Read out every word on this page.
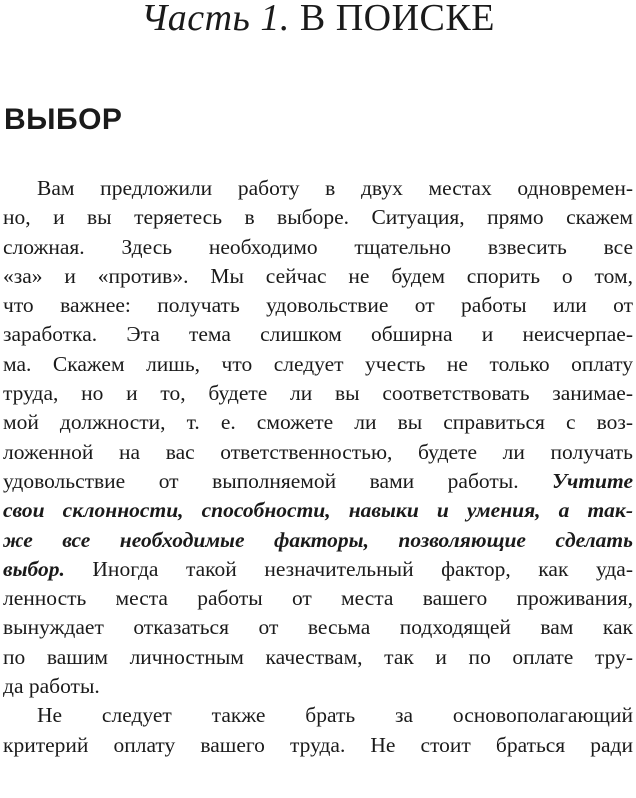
Часть 1. В ПОИСКЕ
ВЫБОР
Вам предложили работу в двух местах одновремен-
но, и вы теряетесь в выборе. Ситуация, прямо скажем
сложная. Здесь необходимо тщательно взвесить все
«за» и «против». Мы сейчас не будем спорить о том,
что важнее: получать удовольствие от работы или от
заработка. Эта тема слишком обширна и неисчерпае-
ма. Скажем лишь, что следует учесть не только оплату
труда, но и то, будете ли вы соответствовать занимае-
мой должности, т. е. сможете ли вы справиться с воз-
ложенной на вас ответственностью, будете ли получать
удовольствие от выполняемой вами работы. Учтите
свои склонности, способности, навыки и умения, а так-
же все необходимые факторы, позволяющие сделать
выбор. Иногда такой незначительный фактор, как уда-
ленность места работы от места вашего проживания,
вынуждает отказаться от весьма подходящей вам как
по вашим личностным качествам, так и по оплате тру-
да работы.
Не следует также брать за основополагающий
критерий оплату вашего труда. Не стоит браться ради
